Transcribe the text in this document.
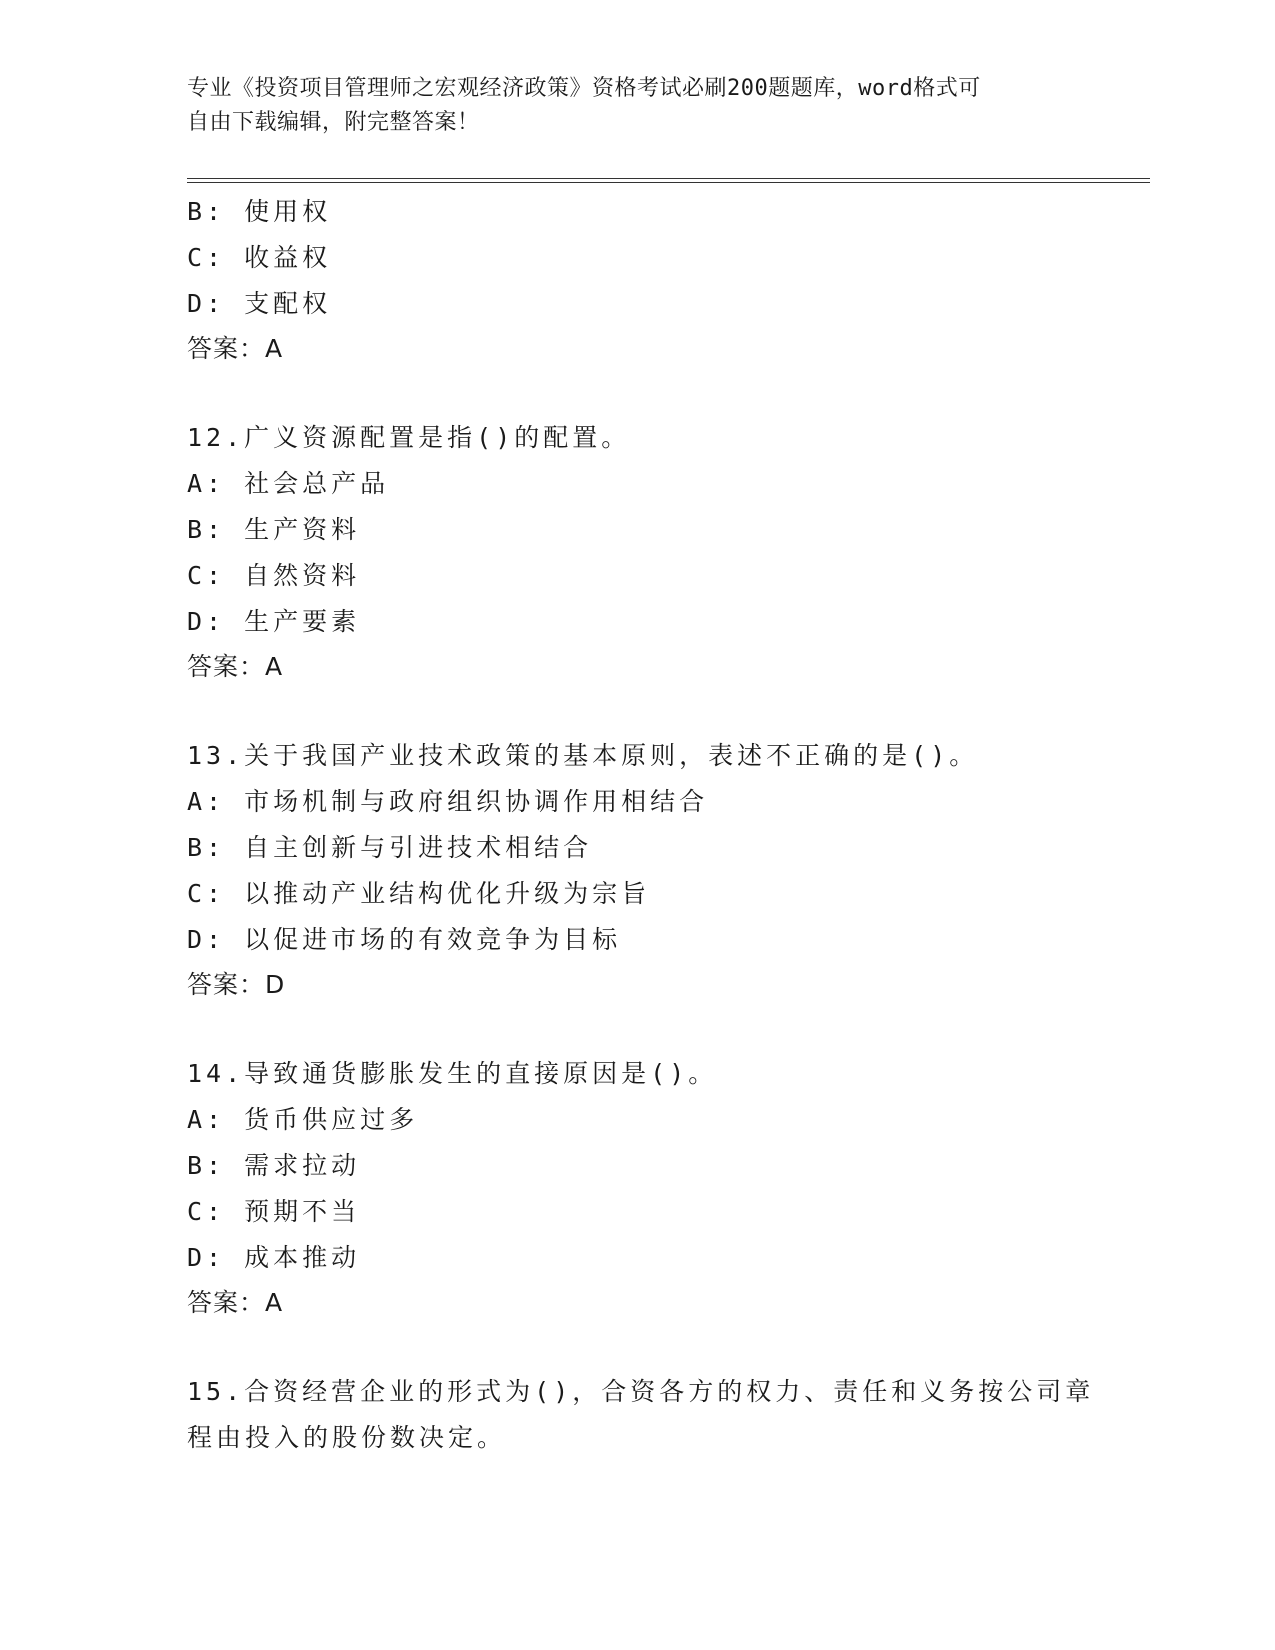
专业《投资项目管理师之宏观经济政策》资格考试必刷200题题库，word格式可
自由下载编辑，附完整答案！
B: 使用权
C: 收益权
D: 支配权
答案：A
12.广义资源配置是指()的配置。
A: 社会总产品
B: 生产资料
C: 自然资料
D: 生产要素
答案：A
13.关于我国产业技术政策的基本原则，表述不正确的是()。
A: 市场机制与政府组织协调作用相结合
B: 自主创新与引进技术相结合
C: 以推动产业结构优化升级为宗旨
D: 以促进市场的有效竞争为目标
答案：D
14.导致通货膨胀发生的直接原因是()。
A: 货币供应过多
B: 需求拉动
C: 预期不当
D: 成本推动
答案：A
15.合资经营企业的形式为()，合资各方的权力、责任和义务按公司章
程由投入的股份数决定。
